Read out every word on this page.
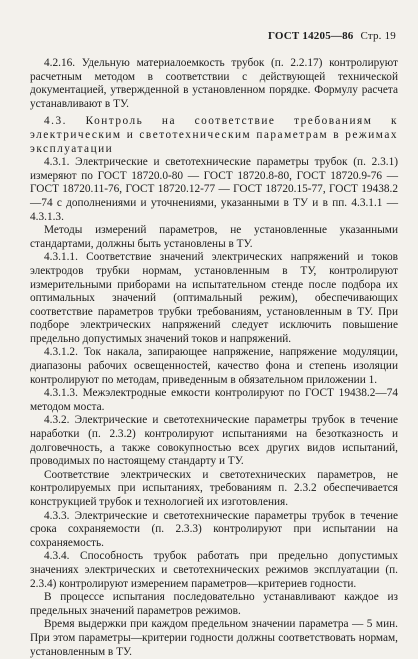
ГОСТ 14205—86 Стр. 19

4.2.16. Удельную материалоемкость трубок (п. 2.2.17) контролируют расчетным методом в соответствии с действующей технической документацией, утвержденной в установленном порядке. Формулу расчета устанавливают в ТУ.

4.3. Контроль на соответствие требованиям к электрическим и светотехническим параметрам в режимах эксплуатации

4.3.1. Электрические и светотехнические параметры трубок (п. 2.3.1) измеряют по ГОСТ 18720.0-80 — ГОСТ 18720.8-80, ГОСТ 18720.9-76 — ГОСТ 18720.11-76, ГОСТ 18720.12-77 — ГОСТ 18720.15-77, ГОСТ 19438.2—74 с дополнениями и уточнениями, указанными в ТУ и в пп. 4.3.1.1 — 4.3.1.3.

Методы измерений параметров, не установленные указанными стандартами, должны быть установлены в ТУ.

4.3.1.1. Соответствие значений электрических напряжений и токов электродов трубки нормам, установленным в ТУ, контролируют измерительными приборами на испытательном стенде после подбора их оптимальных значений (оптимальный режим), обеспечивающих соответствие параметров трубки требованиям, установленным в ТУ. При подборе электрических напряжений следует исключить повышение предельно допустимых значений токов и напряжений.

4.3.1.2. Ток накала, запирающее напряжение, напряжение модуляции, диапазоны рабочих освещенностей, качество фона и степень изоляции контролируют по методам, приведенным в обязательном приложении 1.

4.3.1.3. Межэлектродные емкости контролируют по ГОСТ 19438.2—74 методом моста.

4.3.2. Электрические и светотехнические параметры трубок в течение наработки (п. 2.3.2) контролируют испытаниями на безотказность и долговечность, а также совокупностью всех других видов испытаний, проводимых по настоящему стандарту и ТУ.

Соответствие электрических и светотехнических параметров, не контролируемых при испытаниях, требованиям п. 2.3.2 обеспечивается конструкцией трубок и технологией их изготовления.

4.3.3. Электрические и светотехнические параметры трубок в течение срока сохраняемости (п. 2.3.3) контролируют при испытании на сохраняемость.

4.3.4. Способность трубок работать при предельно допустимых значениях электрических и светотехнических режимов эксплуатации (п. 2.3.4) контролируют измерением параметров—критериев годности.

В процессе испытания последовательно устанавливают каждое из предельных значений параметров режимов.

Время выдержки при каждом предельном значении параметра — 5 мин. При этом параметры—критерии годности должны соответствовать нормам, установленным в ТУ.
